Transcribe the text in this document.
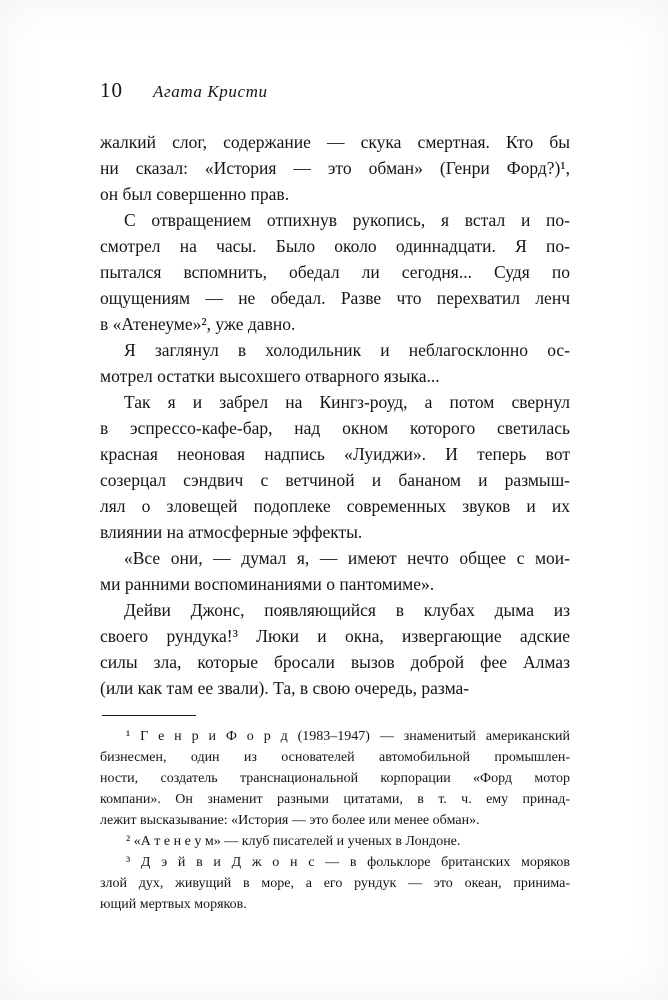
10 Агата Кристи
жалкий слог, содержание — скука смертная. Кто бы
ни сказал: «История — это обман» (Генри Форд?)¹,
он был совершенно прав.
С отвращением отпихнув рукопись, я встал и по-
смотрел на часы. Было около одиннадцати. Я по-
пытался вспомнить, обедал ли сегодня... Судя по
ощущениям — не обедал. Разве что перехватил ленч
в «Атенеуме»², уже давно.
Я заглянул в холодильник и неблагосклонно ос-
мотрел остатки высохшего отварного языка...
Так я и забрел на Кингз-роуд, а потом свернул
в эспрессо-кафе-бар, над окном которого светилась
красная неоновая надпись «Луиджи». И теперь вот
созерцал сэндвич с ветчиной и бананом и размыш-
лял о зловещей подоплеке современных звуков и их
влиянии на атмосферные эффекты.
«Все они, — думал я, — имеют нечто общее с мои-
ми ранними воспоминаниями о пантомиме».
Дейви Джонс, появляющийся в клубах дыма из
своего рундука!³ Люки и окна, извергающие адские
силы зла, которые бросали вызов доброй фее Алмаз
(или как там ее звали). Та, в свою очередь, разма-
¹ Г е н р и Ф о р д (1983–1947) — знаменитый американский
бизнесмен, один из основателей автомобильной промышлен-
ности, создатель транснациональной корпорации «Форд мотор
компани». Он знаменит разными цитатами, в т. ч. ему принад-
лежит высказывание: «История — это более или менее обман».
² «А т е н е у м» — клуб писателей и ученых в Лондоне.
³ Д э й в и Д ж о н с — в фольклоре британских моряков
злой дух, живущий в море, а его рундук — это океан, принима-
ющий мертвых моряков.
